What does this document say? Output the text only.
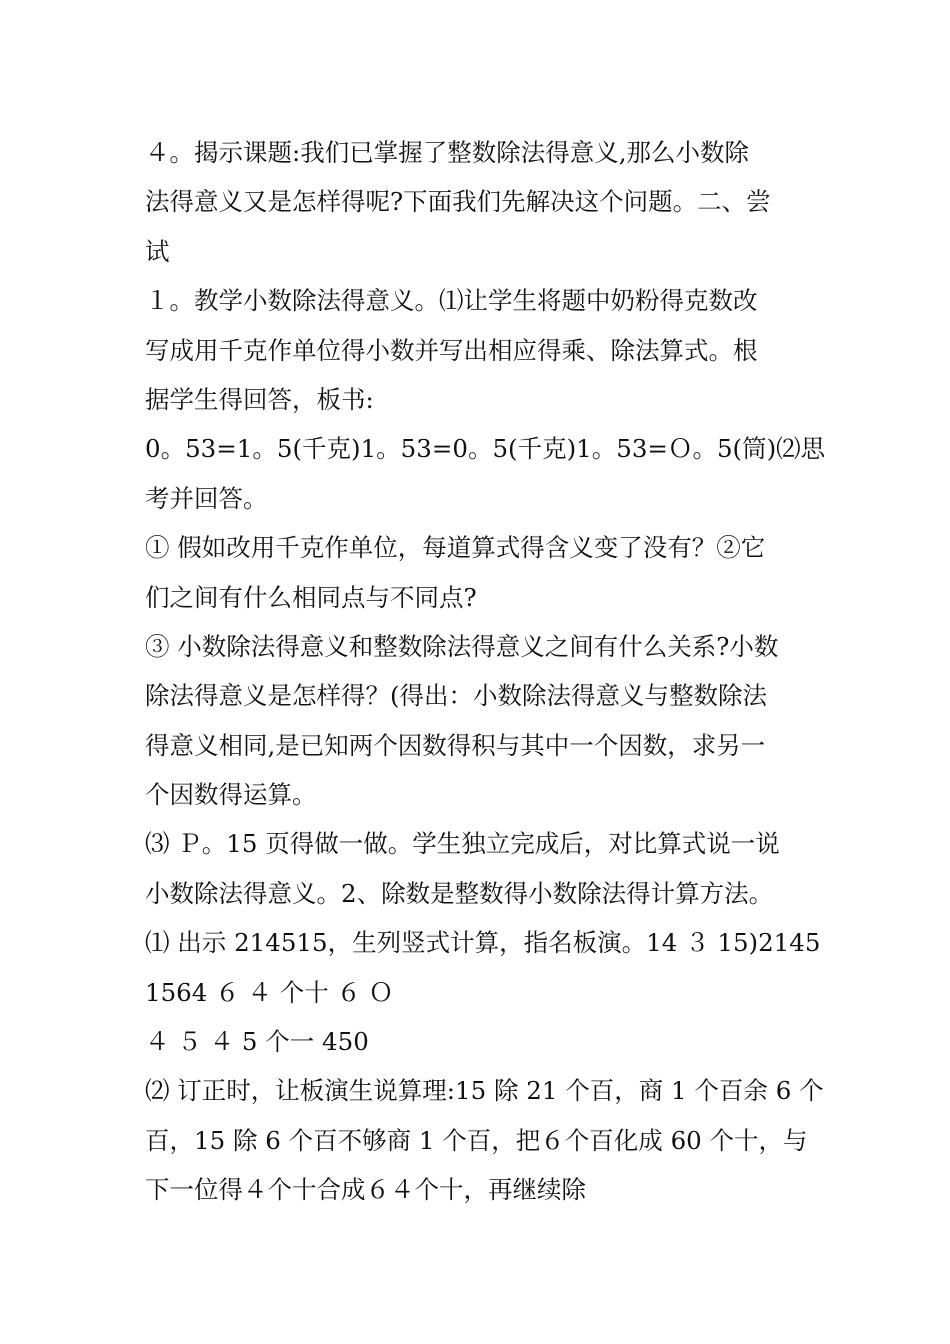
４。揭示课题:我们已掌握了整数除法得意义,那么小数除
法得意义又是怎样得呢?下面我们先解决这个问题。二、尝
试
１。教学小数除法得意义。⑴让学生将题中奶粉得克数改
写成用千克作单位得小数并写出相应得乘、除法算式。根
据学生得回答，板书:
0。53=1。5(千克)1。53=0。5(千克)1。53=Ｏ。5(筒)⑵思
考并回答。
① 假如改用千克作单位，每道算式得含义变了没有？②它
们之间有什么相同点与不同点?
③ 小数除法得意义和整数除法得意义之间有什么关系?小数
除法得意义是怎样得？(得出：小数除法得意义与整数除法
得意义相同,是已知两个因数得积与其中一个因数，求另一
个因数得运算。
⑶ Ｐ。15 页得做一做。学生独立完成后，对比算式说一说
小数除法得意义。2、除数是整数得小数除法得计算方法。
⑴ 出示 214515，生列竖式计算，指名板演。14 ３ 15)2145
1564 ６ ４ 个十 ６ Ｏ
４ ５ ４ 5 个一 450
⑵ 订正时，让板演生说算理:15 除 21 个百，商 1 个百余 6 个
百，15 除 6 个百不够商 1 个百，把６个百化成 60 个十，与
下一位得４个十合成６４个十，再继续除
